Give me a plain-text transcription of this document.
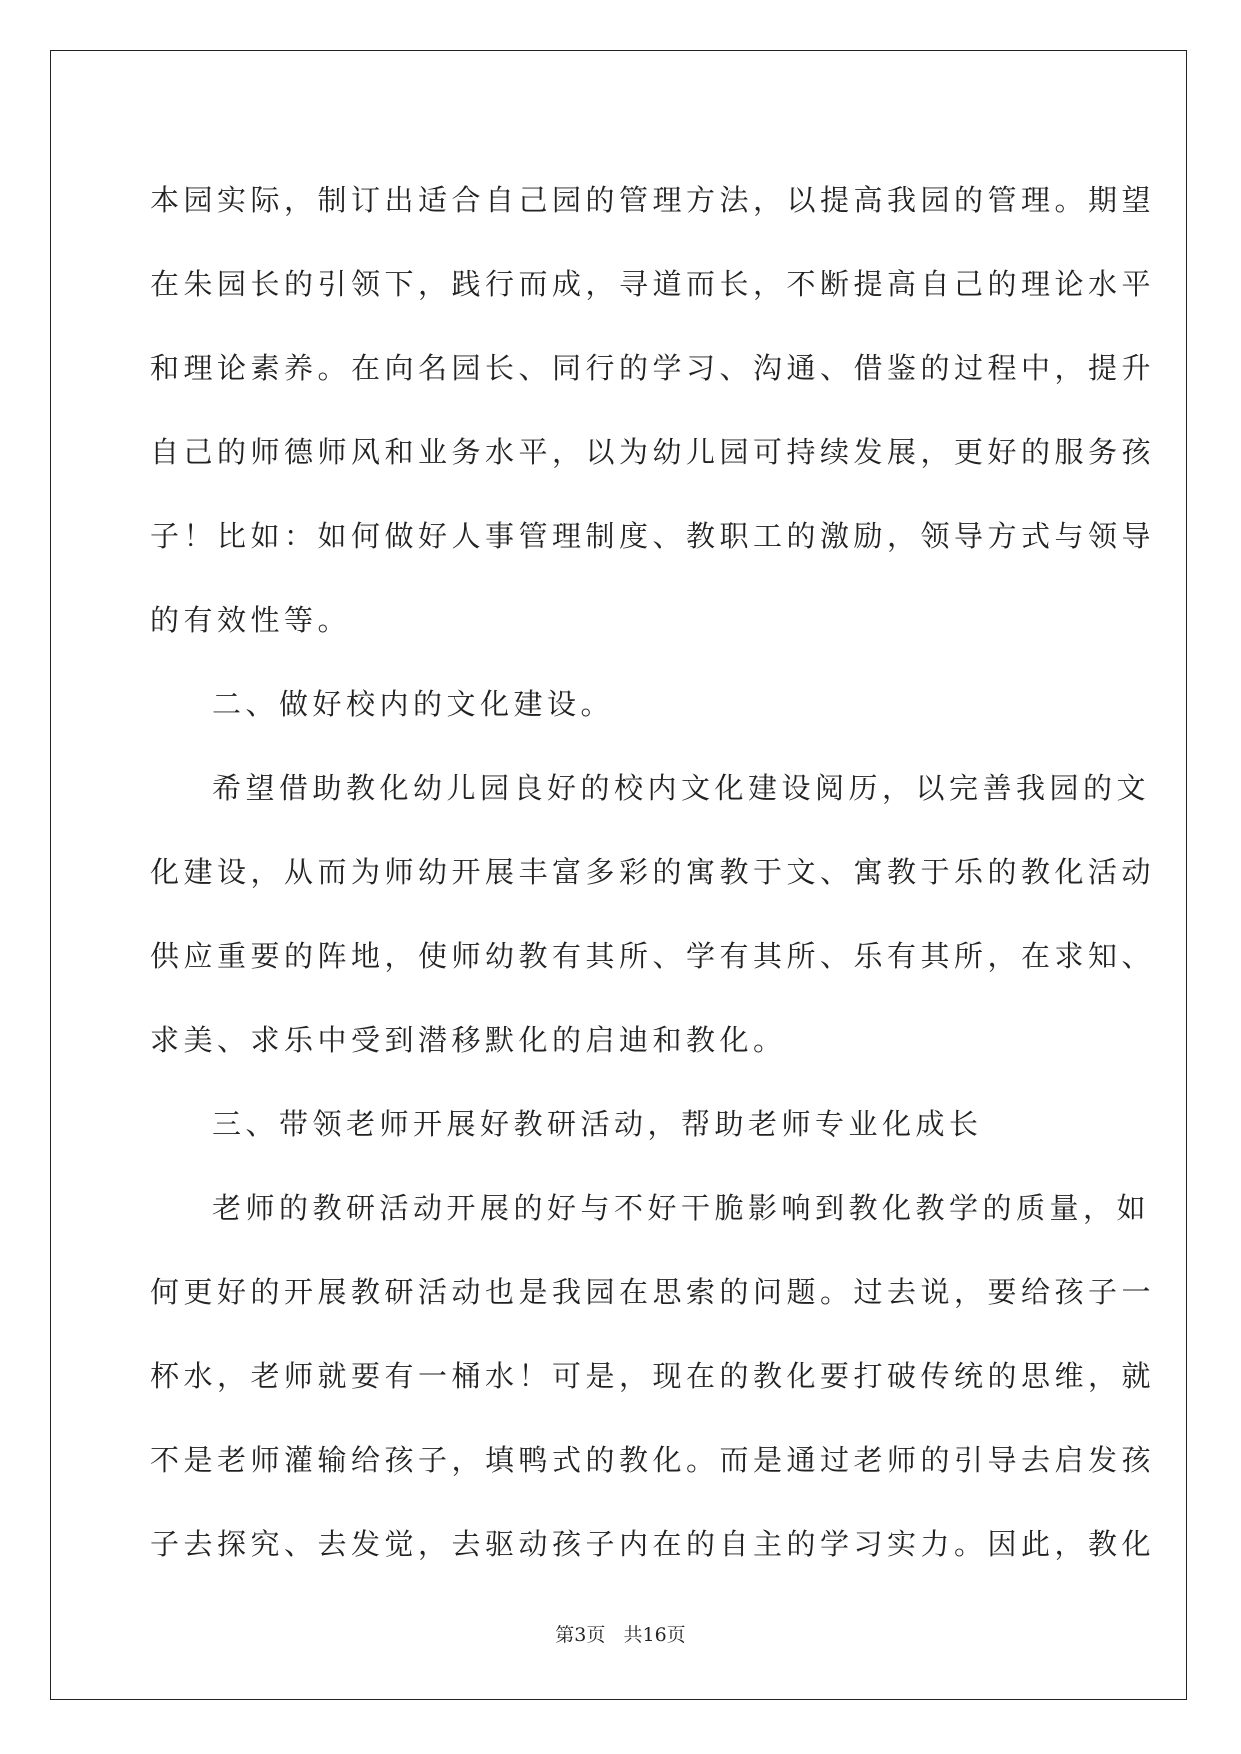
本园实际，制订出适合自己园的管理方法，以提高我园的管理。期望
在朱园长的引领下，践行而成，寻道而长，不断提高自己的理论水平
和理论素养。在向名园长、同行的学习、沟通、借鉴的过程中，提升
自己的师德师风和业务水平，以为幼儿园可持续发展，更好的服务孩
子！比如：如何做好人事管理制度、教职工的激励，领导方式与领导
的有效性等。
二、做好校内的文化建设。
希望借助教化幼儿园良好的校内文化建设阅历，以完善我园的文
化建设，从而为师幼开展丰富多彩的寓教于文、寓教于乐的教化活动
供应重要的阵地，使师幼教有其所、学有其所、乐有其所，在求知、
求美、求乐中受到潜移默化的启迪和教化。
三、带领老师开展好教研活动，帮助老师专业化成长
老师的教研活动开展的好与不好干脆影响到教化教学的质量，如
何更好的开展教研活动也是我园在思索的问题。过去说，要给孩子一
杯水，老师就要有一桶水！可是，现在的教化要打破传统的思维，就
不是老师灌输给孩子，填鸭式的教化。而是通过老师的引导去启发孩
子去探究、去发觉，去驱动孩子内在的自主的学习实力。因此，教化
第3页   共16页
